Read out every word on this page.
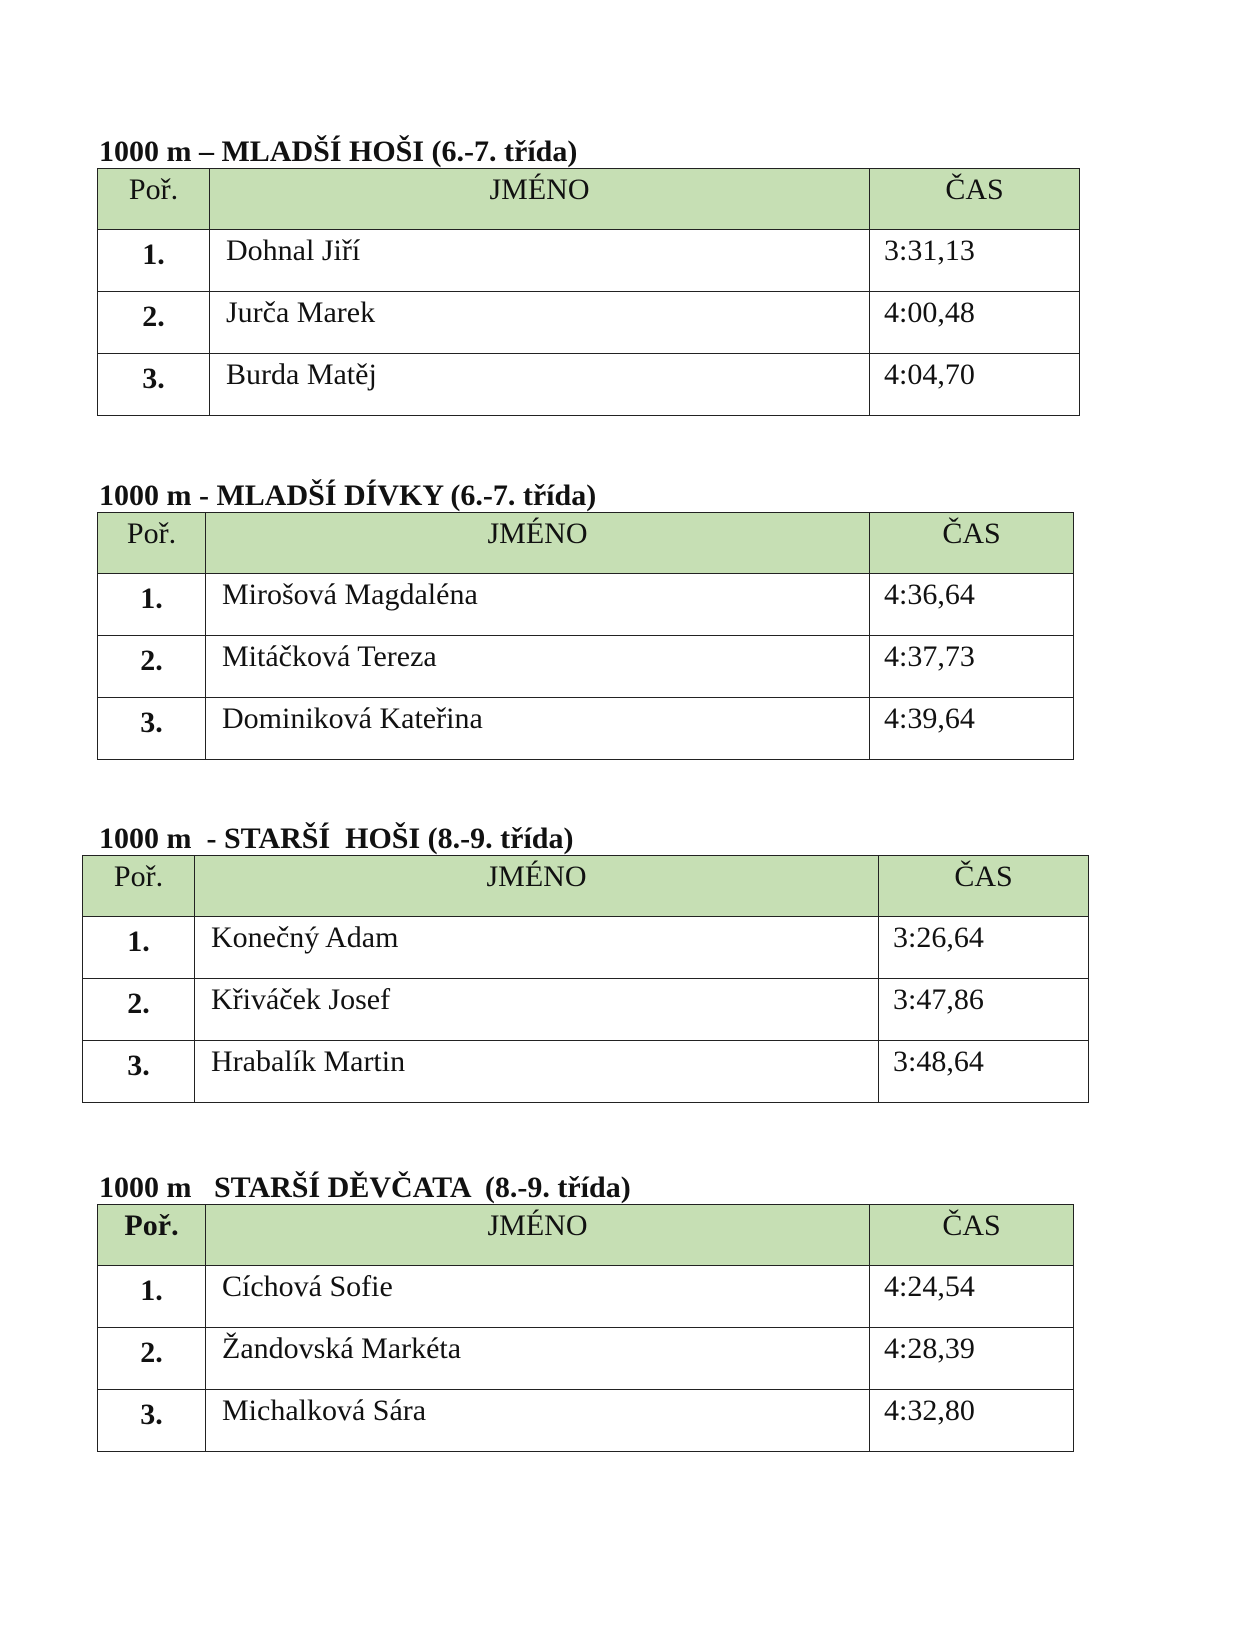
1000 m – MLADŠÍ HOŠI (6.-7. třída)
Poř.	JMÉNO	ČAS
1.	Dohnal Jiří	3:31,13
2.	Jurča Marek	4:00,48
3.	Burda Matěj	4:04,70
1000 m - MLADŠÍ DÍVKY (6.-7. třída)
Poř.	JMÉNO	ČAS
1.	Mirošová Magdaléna	4:36,64
2.	Mitáčková Tereza	4:37,73
3.	Dominiková Kateřina	4:39,64
1000 m  - STARŠÍ  HOŠI (8.-9. třída)
Poř.	JMÉNO	ČAS
1.	Konečný Adam	3:26,64
2.	Křiváček Josef	3:47,86
3.	Hrabalík Martin	3:48,64
1000 m   STARŠÍ DĚVČATA  (8.-9. třída)
Poř.	JMÉNO	ČAS
1.	Cíchová Sofie	4:24,54
2.	Žandovská Markéta	4:28,39
3.	Michalková Sára	4:32,80
